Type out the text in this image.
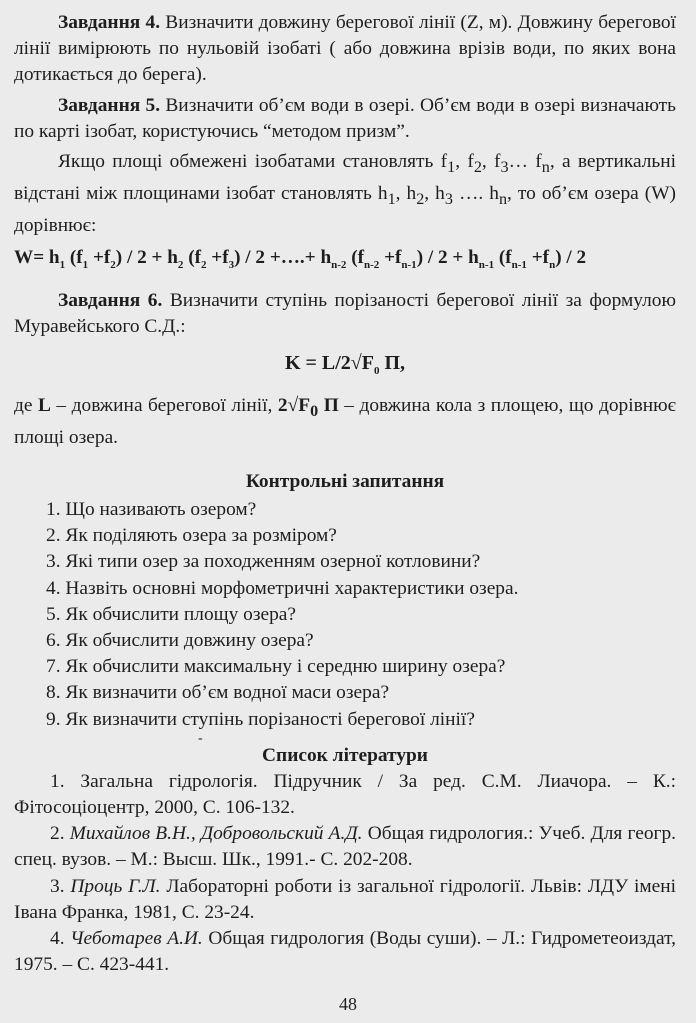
Завдання 4. Визначити довжину берегової лінії (Z, м). Довжину берегової лінії вимірюють по нульовій ізобаті ( або довжина врізів води, по яких вона дотикається до берега).

Завдання 5. Визначити об’єм води в озері. Об’єм води в озері визначають по карті ізобат, користуючись “методом призм”.

Якщо площі обмежені ізобатами становлять $f_1$, $f_2$, $f_3\dots$ $f_n$, а вертикальні відстані між площинами ізобат становлять $h_1$, $h_2$, $h_3$ …. $h_n$, то об’єм озера (W) дорівнює:

$W= h_1$ $(f_1 +f_2) / 2 + h_2$ $(f_2 +f_3) / 2$ +….+ $h_{n-2}$ $(f_{n-2} +f_{n-1}) / 2 + h_{n-1}$ $(f_{n-1} +f_n) / 2$

Завдання 6. Визначити ступінь порізаності берегової лінії за формулою Муравейського С.Д.:

$K = L/2√F_0$ П,

де L – довжина берегової лінії, $2√F_0$ П – довжина кола з площею, що дорівнює площі озера.

Контрольні запитання
1. Що називають озером?
2. Як поділяють озера за розміром?
3. Які типи озер за походженням озерної котловини?
4. Назвіть основні морфометричні характеристики озера.
5. Як обчислити площу озера?
6. Як обчислити довжину озера?
7. Як обчислити максимальну і середню ширину озера?
8. Як визначити об’єм водної маси озера?
9. Як визначити ступінь порізаності берегової лінії?
Список літератури

1. Загальна гідрологія. Підручник / За ред. С.М. Лиачора. – К.: Фітосоціоцентр, 2000, С. 106-132.

2. Михайлов В.Н., Добровольский А.Д. Общая гидрология.: Учеб. Для геогр. спец. вузов. – М.: Высш. Шк., 1991.- С. 202-208.

3. Проць Г.Л. Лабораторні роботи із загальної гідрології. Львів: ЛДУ імені Івана Франка, 1981, С. 23-24.

4. Чеботарев А.И. Общая гидрология (Воды суши). – Л.: Гидрометеоиздат, 1975. – С. 423-441.

-
48
